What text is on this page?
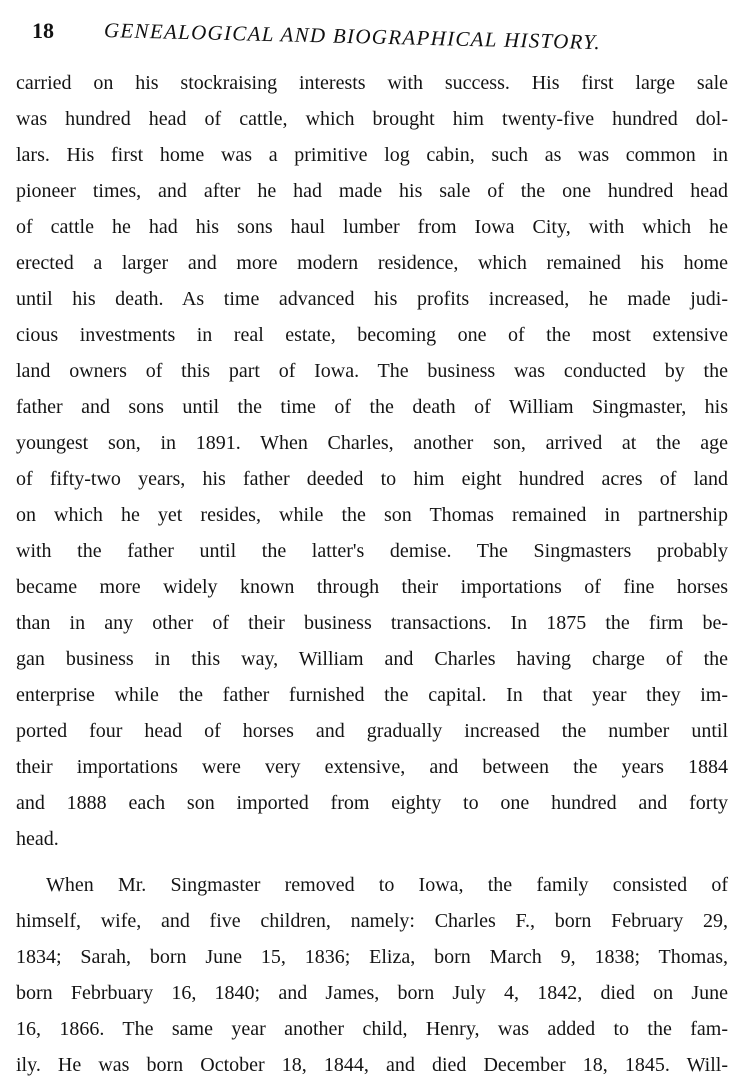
18 GENEALOGICAL AND BIOGRAPHICAL HISTORY.
carried on his stockraising interests with success. His first large sale
was hundred head of cattle, which brought him twenty-five hundred dol-
lars. His first home was a primitive log cabin, such as was common in
pioneer times, and after he had made his sale of the one hundred head
of cattle he had his sons haul lumber from Iowa City, with which he
erected a larger and more modern residence, which remained his home
until his death. As time advanced his profits increased, he made judi-
cious investments in real estate, becoming one of the most extensive
land owners of this part of Iowa. The business was conducted by the
father and sons until the time of the death of William Singmaster, his
youngest son, in 1891. When Charles, another son, arrived at the age
of fifty-two years, his father deeded to him eight hundred acres of land
on which he yet resides, while the son Thomas remained in partnership
with the father until the latter's demise. The Singmasters probably
became more widely known through their importations of fine horses
than in any other of their business transactions. In 1875 the firm be-
gan business in this way, William and Charles having charge of the
enterprise while the father furnished the capital. In that year they im-
ported four head of horses and gradually increased the number until
their importations were very extensive, and between the years 1884
and 1888 each son imported from eighty to one hundred and forty
head.
When Mr. Singmaster removed to Iowa, the family consisted of
himself, wife, and five children, namely: Charles F., born February 29,
1834; Sarah, born June 15, 1836; Eliza, born March 9, 1838; Thomas,
born Febrbuary 16, 1840; and James, born July 4, 1842, died on June
16, 1866. The same year another child, Henry, was added to the fam-
ily. He was born October 18, 1844, and died December 18, 1845. Will-
